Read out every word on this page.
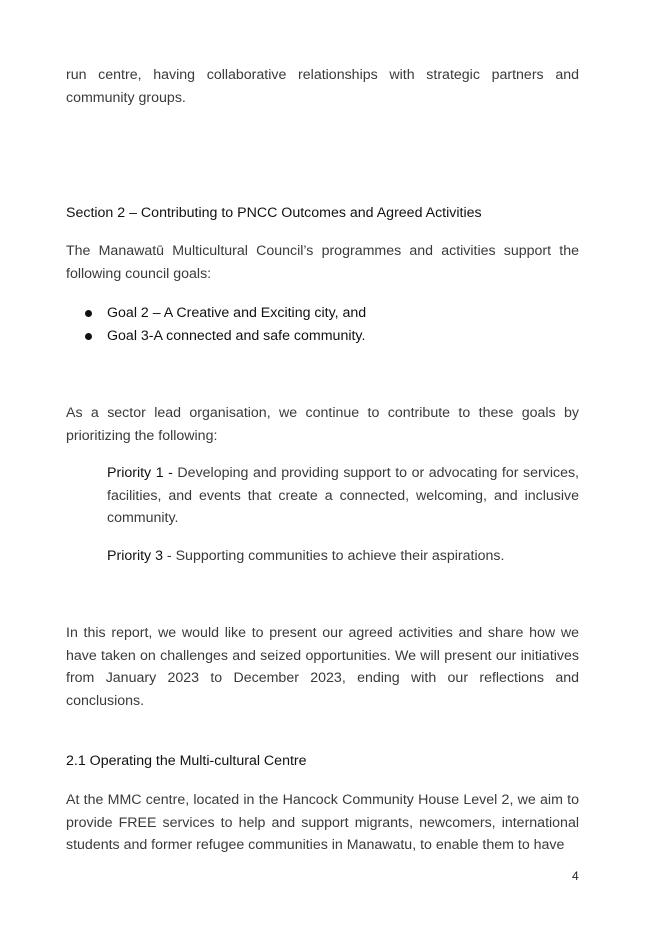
run centre, having collaborative relationships with strategic partners and community groups.

Section 2 – Contributing to PNCC Outcomes and Agreed Activities

The Manawatū Multicultural Council’s programmes and activities support the following council goals:

Goal 2 – A Creative and Exciting city, and
Goal 3-A connected and safe community.

As a sector lead organisation, we continue to contribute to these goals by prioritizing the following:

Priority 1 - Developing and providing support to or advocating for services, facilities, and events that create a connected, welcoming, and inclusive community.

Priority 3 - Supporting communities to achieve their aspirations.

In this report, we would like to present our agreed activities and share how we have taken on challenges and seized opportunities. We will present our initiatives from January 2023 to December 2023, ending with our reflections and conclusions.

2.1 Operating the Multi-cultural Centre

At the MMC centre, located in the Hancock Community House Level 2, we aim to provide FREE services to help and support migrants, newcomers, international students and former refugee communities in Manawatu, to enable them to have

4
